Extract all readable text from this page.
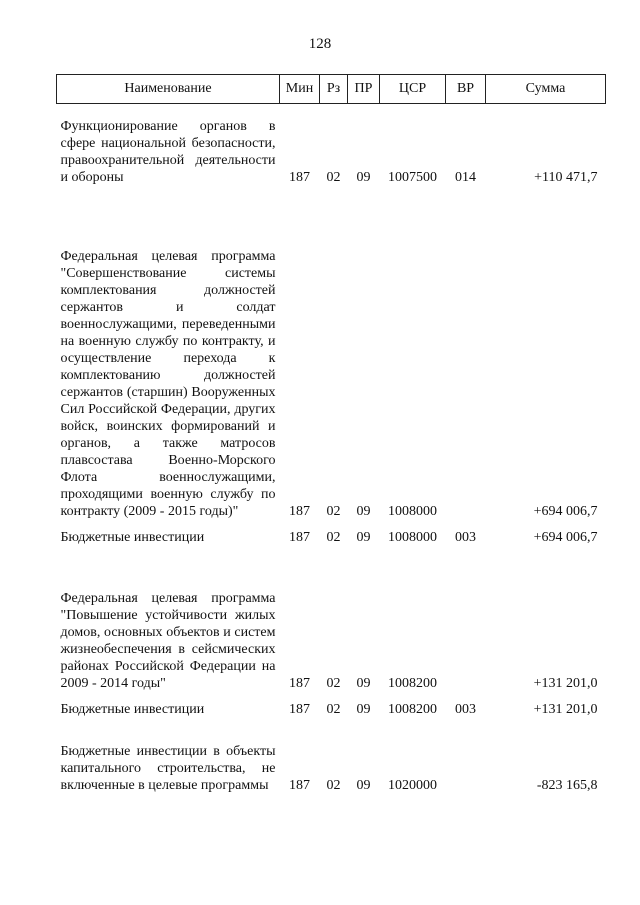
128
Наименование	Мин	Рз	ПР	ЦСР	ВР	Сумма
Функционирование органов в сфере национальной безопасности, правоохранительной деятельности и обороны	187	02	09	1007500	014	+110 471,7
Федеральная целевая программа "Совершенствование системы комплектования должностей сержантов и солдат военнослужащими, переведенными на военную службу по контракту, и осуществление перехода к комплектованию должностей сержантов (старшин) Вооруженных Сил Российской Федерации, других войск, воинских формирований и органов, а также матросов плавсостава Военно-Морского Флота военнослужащими, проходящими военную службу по контракту (2009 - 2015 годы)"	187	02	09	1008000		+694 006,7
Бюджетные инвестиции	187	02	09	1008000	003	+694 006,7
Федеральная целевая программа "Повышение устойчивости жилых домов, основных объектов и систем жизнеобеспечения в сейсмических районах Российской Федерации на 2009 - 2014 годы"	187	02	09	1008200		+131 201,0
Бюджетные инвестиции	187	02	09	1008200	003	+131 201,0
Бюджетные инвестиции в объекты капитального строительства, не включенные в целевые программы	187	02	09	1020000		-823 165,8
